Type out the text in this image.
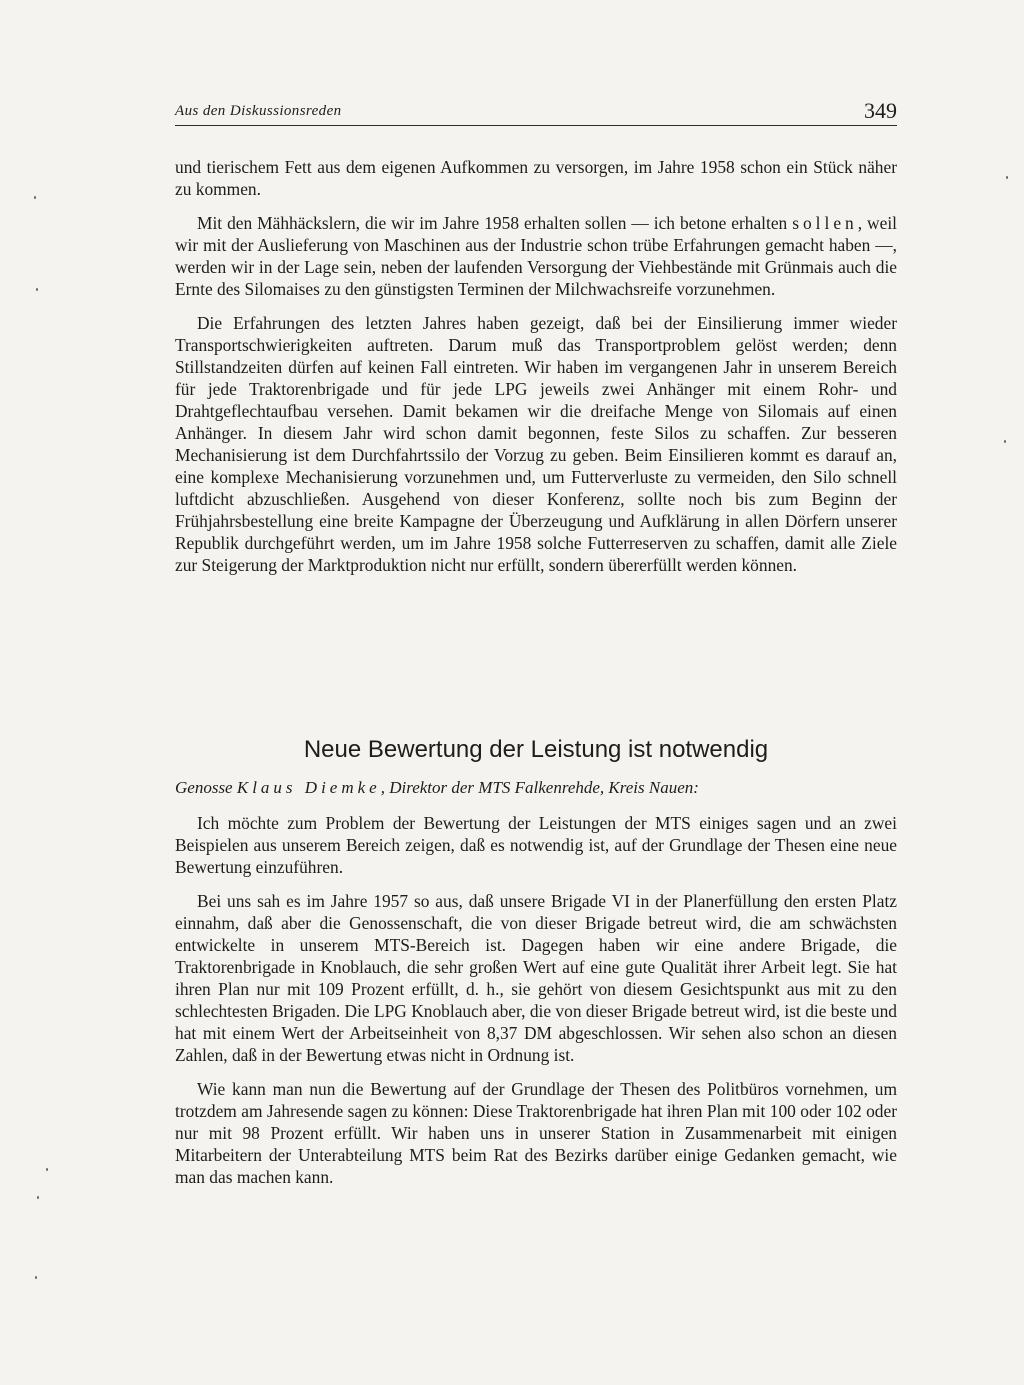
Aus den Diskussionsreden	349

und tierischem Fett aus dem eigenen Aufkommen zu versorgen, im Jahre 1958 schon ein Stück näher zu kommen.

Mit den Mähhäckslern, die wir im Jahre 1958 erhalten sollen — ich betone erhalten sollen, weil wir mit der Auslieferung von Maschinen aus der Industrie schon trübe Erfahrungen gemacht haben —, werden wir in der Lage sein, neben der laufenden Versorgung der Viehbestände mit Grünmais auch die Ernte des Silomaises zu den günstigsten Terminen der Milchwachsreife vorzunehmen.

Die Erfahrungen des letzten Jahres haben gezeigt, daß bei der Einsilierung immer wieder Transportschwierigkeiten auftreten. Darum muß das Transportproblem gelöst werden; denn Stillstandzeiten dürfen auf keinen Fall eintreten. Wir haben im vergangenen Jahr in unserem Bereich für jede Traktorenbrigade und für jede LPG jeweils zwei Anhänger mit einem Rohr- und Drahtgeflechtaufbau versehen. Damit bekamen wir die dreifache Menge von Silomais auf einen Anhänger. In diesem Jahr wird schon damit begonnen, feste Silos zu schaffen. Zur besseren Mechanisierung ist dem Durchfahrtssilo der Vorzug zu geben. Beim Einsilieren kommt es darauf an, eine komplexe Mechanisierung vorzunehmen und, um Futterverluste zu vermeiden, den Silo schnell luftdicht abzuschließen. Ausgehend von dieser Konferenz, sollte noch bis zum Beginn der Frühjahrsbestellung eine breite Kampagne der Überzeugung und Aufklärung in allen Dörfern unserer Republik durchgeführt werden, um im Jahre 1958 solche Futterreserven zu schaffen, damit alle Ziele zur Steigerung der Marktproduktion nicht nur erfüllt, sondern übererfüllt werden können.

Neue Bewertung der Leistung ist notwendig

Genosse Klaus Diemke, Direktor der MTS Falkenrehde, Kreis Nauen:

Ich möchte zum Problem der Bewertung der Leistungen der MTS einiges sagen und an zwei Beispielen aus unserem Bereich zeigen, daß es notwendig ist, auf der Grundlage der Thesen eine neue Bewertung einzuführen.

Bei uns sah es im Jahre 1957 so aus, daß unsere Brigade VI in der Planerfüllung den ersten Platz einnahm, daß aber die Genossenschaft, die von dieser Brigade betreut wird, die am schwächsten entwickelte in unserem MTS-Bereich ist. Dagegen haben wir eine andere Brigade, die Traktorenbrigade in Knoblauch, die sehr großen Wert auf eine gute Qualität ihrer Arbeit legt. Sie hat ihren Plan nur mit 109 Prozent erfüllt, d. h., sie gehört von diesem Gesichtspunkt aus mit zu den schlechtesten Brigaden. Die LPG Knoblauch aber, die von dieser Brigade betreut wird, ist die beste und hat mit einem Wert der Arbeitseinheit von 8,37 DM abgeschlossen. Wir sehen also schon an diesen Zahlen, daß in der Bewertung etwas nicht in Ordnung ist.

Wie kann man nun die Bewertung auf der Grundlage der Thesen des Politbüros vornehmen, um trotzdem am Jahresende sagen zu können: Diese Traktorenbrigade hat ihren Plan mit 100 oder 102 oder nur mit 98 Prozent erfüllt. Wir haben uns in unserer Station in Zusammenarbeit mit einigen Mitarbeitern der Unterabteilung MTS beim Rat des Bezirks darüber einige Gedanken gemacht, wie man das machen kann.
